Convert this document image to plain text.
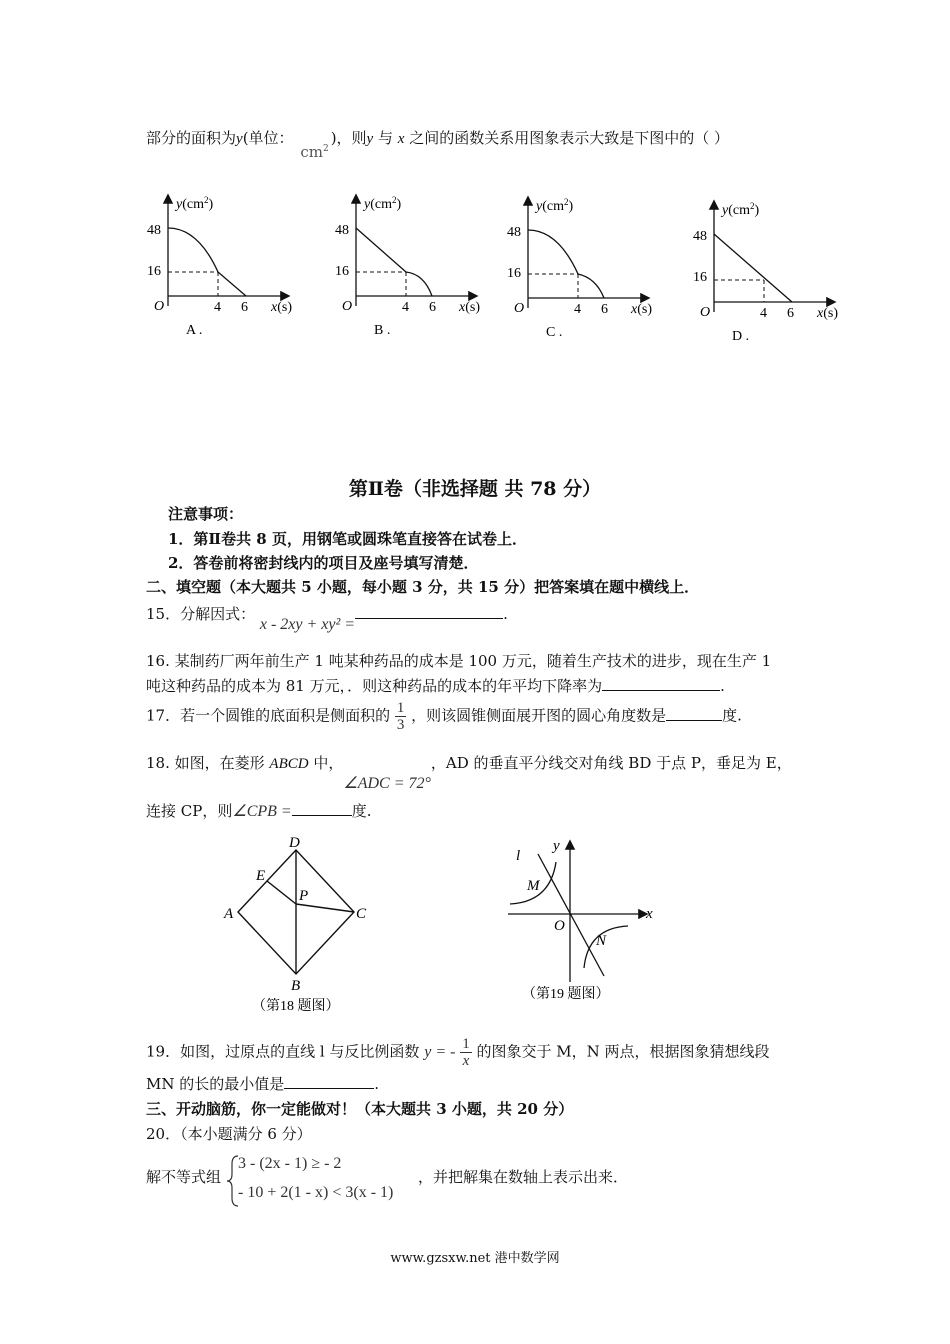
部分的面积为y(单位： $cm^2$)，则y 与 x 之间的函数关系用图象表示大致是下图中的（ ）
$y(cm^2)$
48
16
O	4 6 x(s)
A .
$y(cm^2)$
48
16
O	4 6 x(s)
B .
$y(cm^2)$
48
16
O	4 6 x(s)
C .
$y(cm^2)$
48
16
O	4 6 x(s)
D .
第Ⅱ卷（非选择题 共 78 分）
注意事项：
1．第Ⅱ卷共 8 页，用钢笔或圆珠笔直接答在试卷上．
2．答卷前将密封线内的项目及座号填写清楚．
二、填空题（本大题共 5 小题，每小题 3 分，共 15 分）把答案填在题中横线上．
15．分解因式： x - 2xy + xy² =.
16. 某制药厂两年前生产 1 吨某种药品的成本是 100 万元，随着生产技术的进步，现在生产 1
吨这种药品的成本为 81 万元，．则这种药品的成本的年平均下降率为	.
17．若一个圆锥的底面积是侧面积的 $\frac{1}{3}$ ，则该圆锥侧面展开图的圆心角度数是	度.
18. 如图，在菱形 ABCD 中，∠ADC = 72°，AD 的垂直平分线交对角线 BD 于点 P，垂足为 E，
连接 CP，则∠CPB =	度.
D
E
A
P
C
B
（第18 题图）
l
y
M
O
x
N
（第19 题图）
19．如图，过原点的直线 l 与反比例函数 y = - $\frac{1}{x}$ 的图象交于 M，N 两点，根据图象猜想线段
MN 的长的最小值是	.
三、开动脑筋，你一定能做对！（本大题共 3 小题，共 20 分）
20．（本小题满分 6 分）
解不等式组
3 - (2x - 1) ≥ - 2
- 10 + 2(1 - x) < 3(x - 1)
，并把解集在数轴上表示出来．
www.gzsxw.net 港中数学网
